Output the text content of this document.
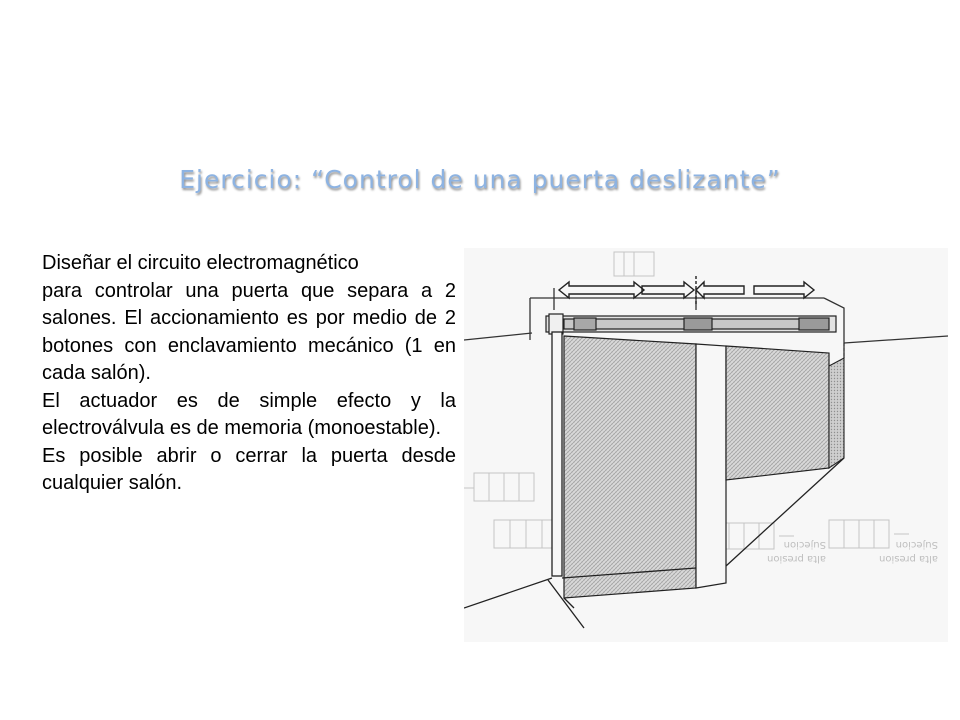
Ejercicio: “Control de una puerta deslizante”

Diseñar el circuito electromagnético

para controlar una puerta que separa a 2 salones. El accionamiento es por medio de 2 botones con enclavamiento mecánico (1 en cada salón).

El actuador es de simple efecto y la electroválvula es de memoria (monoestable).

Es posible abrir o cerrar la puerta desde cualquier salón.

Sujecion
alta presion
Sujecion
alta presion
